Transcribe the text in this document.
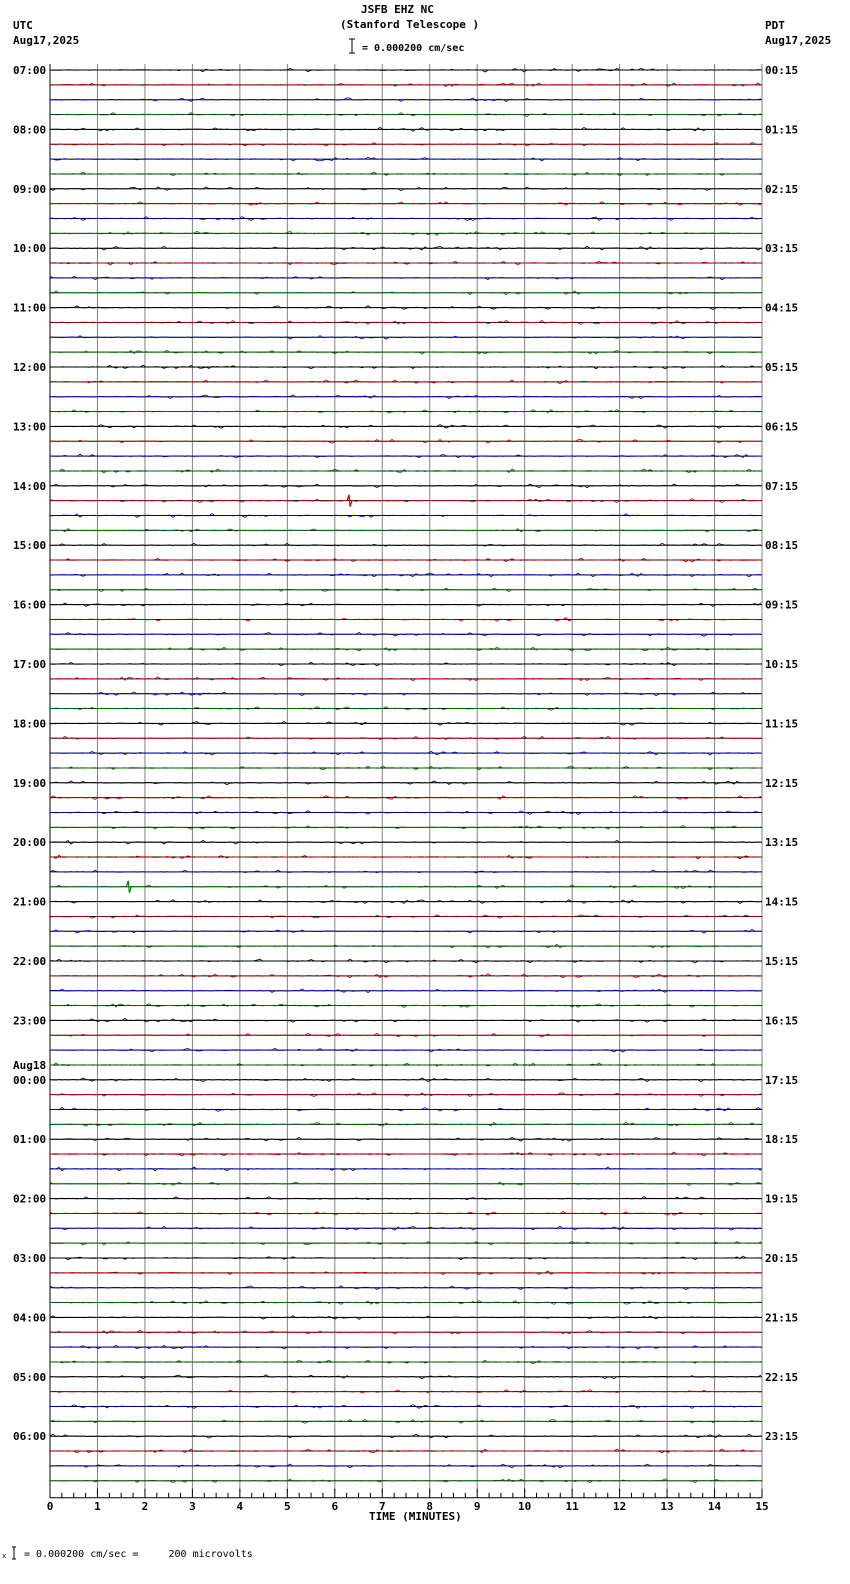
JSFB EHZ NC
(Stanford Telescope )
= 0.000200 cm/sec
UTC
Aug17,2025
PDT
Aug17,2025
07:00
08:00
09:00
10:00
11:00
12:00
13:00
14:00
15:00
16:00
17:00
18:00
19:00
20:00
21:00
22:00
23:00
00:00
01:00
02:00
03:00
04:00
05:00
06:00
00:15
01:15
02:15
03:15
04:15
05:15
06:15
07:15
08:15
09:15
10:15
11:15
12:15
13:15
14:15
15:15
16:15
17:15
18:15
19:15
20:15
21:15
22:15
23:15
Aug18
0	1	2	3	4	5	6	7	8	9	10	11	12	13	14	15
TIME (MINUTES)
x = 0.000200 cm/sec =     200 microvolts
